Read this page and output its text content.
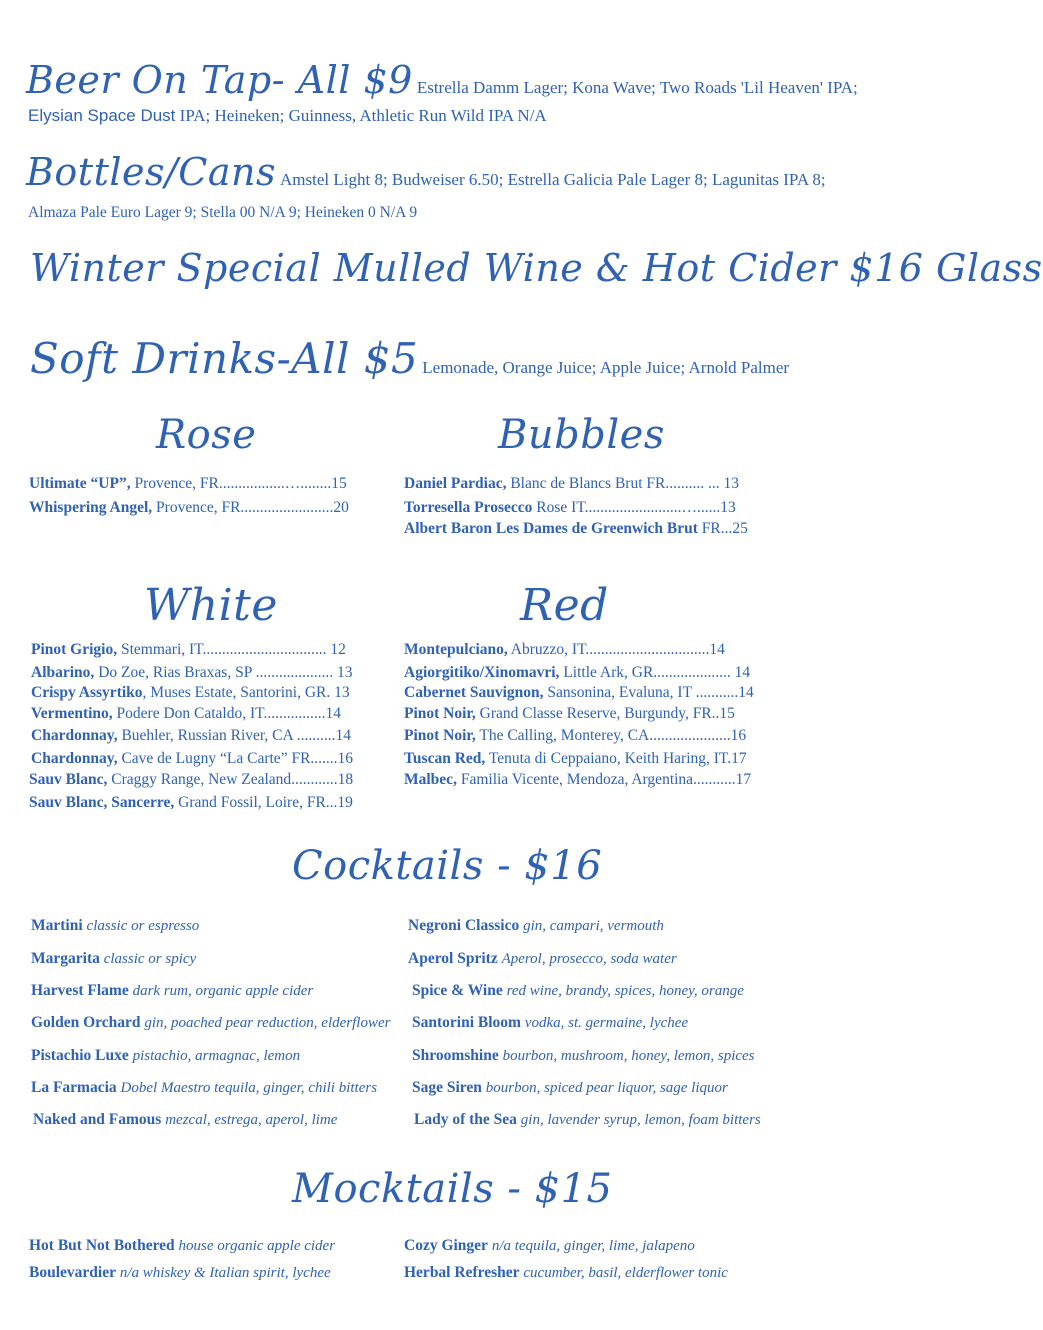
Beer On Tap- All $9 Estrella Damm Lager; Kona Wave; Two Roads 'Lil Heaven' IPA;
Elysian Space Dust IPA; Heineken; Guinness, Athletic Run Wild IPA N/A
Bottles/Cans Amstel Light 8; Budweiser 6.50; Estrella Galicia Pale Lager 8; Lagunitas IPA 8;
Almaza Pale Euro Lager 9; Stella 00 N/A 9; Heineken 0 N/A 9
Winter Special Mulled Wine & Hot Cider $16 Glass
Soft Drinks-All $5 Lemonade, Orange Juice; Apple Juice; Arnold Palmer
Rose
Ultimate “UP”, Provence, FR.................…........15
Whispering Angel, Provence, FR........................20
Bubbles
Daniel Pardiac, Blanc de Blancs Brut FR.......... ... 13
Torresella Prosecco Rose IT.........................…......13
Albert Baron Les Dames de Greenwich Brut FR...25
White
Pinot Grigio, Stemmari, IT................................ 12
Albarino, Do Zoe, Rias Braxas, SP .................... 13
Crispy Assyrtiko, Muses Estate, Santorini, GR. 13
Vermentino, Podere Don Cataldo, IT................14
Chardonnay, Buehler, Russian River, CA ..........14
Chardonnay, Cave de Lugny “La Carte” FR.......16
Sauv Blanc, Craggy Range, New Zealand............18
Sauv Blanc, Sancerre, Grand Fossil, Loire, FR...19
Red
Montepulciano, Abruzzo, IT................................14
Agiorgitiko/Xinomavri, Little Ark, GR.................... 14
Cabernet Sauvignon, Sansonina, Evaluna, IT ...........14
Pinot Noir, Grand Classe Reserve, Burgundy, FR..15
Pinot Noir, The Calling, Monterey, CA.....................16
Tuscan Red, Tenuta di Ceppaiano, Keith Haring, IT.17
Malbec, Familia Vicente, Mendoza, Argentina...........17
Cocktails - $16
Martini classic or espresso
Margarita classic or spicy
Harvest Flame dark rum, organic apple cider
Golden Orchard gin, poached pear reduction, elderflower
Pistachio Luxe pistachio, armagnac, lemon
La Farmacia Dobel Maestro tequila, ginger, chili bitters
Naked and Famous mezcal, estrega, aperol, lime
Negroni Classico gin, campari, vermouth
Aperol Spritz Aperol, prosecco, soda water
Spice & Wine red wine, brandy, spices, honey, orange
Santorini Bloom vodka, st. germaine, lychee
Shroomshine bourbon, mushroom, honey, lemon, spices
Sage Siren bourbon, spiced pear liquor, sage liquor
Lady of the Sea gin, lavender syrup, lemon, foam bitters
Mocktails - $15
Hot But Not Bothered house organic apple cider
Boulevardier n/a whiskey & Italian spirit, lychee
Cozy Ginger n/a tequila, ginger, lime, jalapeno
Herbal Refresher cucumber, basil, elderflower tonic
